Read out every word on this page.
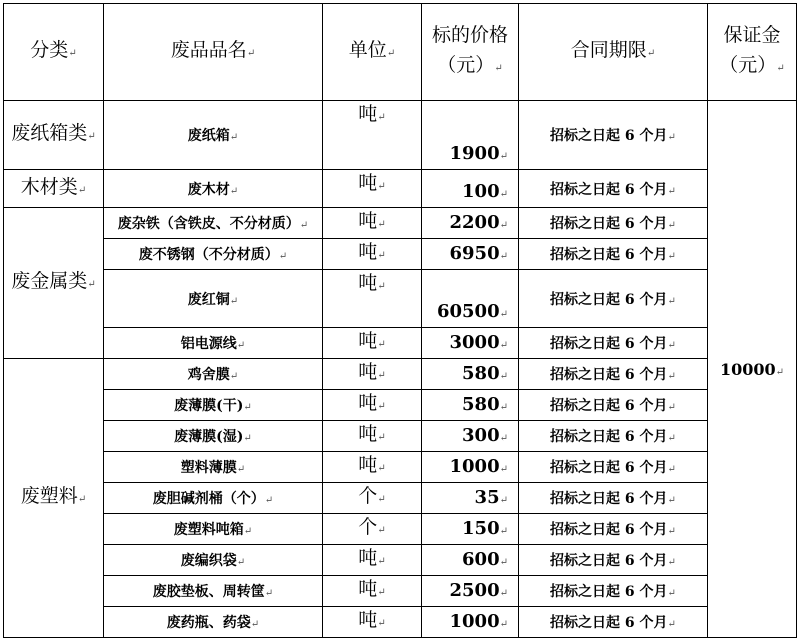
分类↵	废品品名↵	单位↵	标的价格（元）↵	合同期限↵	保证金（元）↵
废纸箱类↵	废纸箱↵	吨↵	1900↵	招标之日起 6 个月↵	10000↵
木材类↵	废木材↵	吨↵	100↵	招标之日起 6 个月↵	
废金属类↵	废杂铁（含铁皮、不分材质）↵	吨↵	2200↵	招标之日起 6 个月↵	
	废不锈钢（不分材质）↵	吨↵	6950↵	招标之日起 6 个月↵	
	废红铜↵	吨↵	60500↵	招标之日起 6 个月↵	
	铝电源线↵	吨↵	3000↵	招标之日起 6 个月↵	
废塑料↵	鸡舍膜↵	吨↵	580↵	招标之日起 6 个月↵	
	废薄膜(干)↵	吨↵	580↵	招标之日起 6 个月↵	
	废薄膜(湿)↵	吨↵	300↵	招标之日起 6 个月↵	
	塑料薄膜↵	吨↵	1000↵	招标之日起 6 个月↵	
	废胆碱剂桶（个）↵	个↵	35↵	招标之日起 6 个月↵	
	废塑料吨箱↵	个↵	150↵	招标之日起 6 个月↵	
	废编织袋↵	吨↵	600↵	招标之日起 6 个月↵	
	废胶垫板、周转筐↵	吨↵	2500↵	招标之日起 6 个月↵	
	废药瓶、药袋↵	吨↵	1000↵	招标之日起 6 个月↵	
